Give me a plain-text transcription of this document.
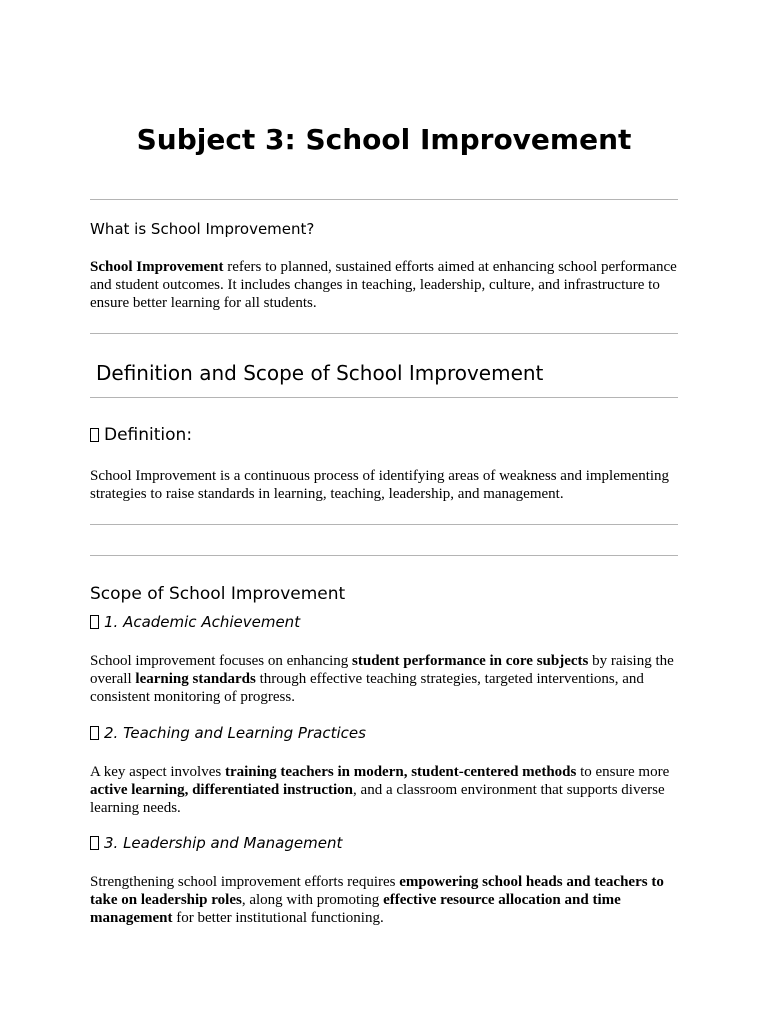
Subject 3: School Improvement
What is School Improvement?

School Improvement refers to planned, sustained efforts aimed at enhancing school performance and student outcomes. It includes changes in teaching, leadership, culture, and infrastructure to ensure better learning for all students.

Definition and Scope of School Improvement
Definition:

School Improvement is a continuous process of identifying areas of weakness and implementing strategies to raise standards in learning, teaching, leadership, and management.

Scope of School Improvement
1. Academic Achievement

School improvement focuses on enhancing student performance in core subjects by raising the overall learning standards through effective teaching strategies, targeted interventions, and consistent monitoring of progress.

2. Teaching and Learning Practices

A key aspect involves training teachers in modern, student-centered methods to ensure more active learning, differentiated instruction, and a classroom environment that supports diverse learning needs.

3. Leadership and Management

Strengthening school improvement efforts requires empowering school heads and teachers to take on leadership roles, along with promoting effective resource allocation and time management for better institutional functioning.
